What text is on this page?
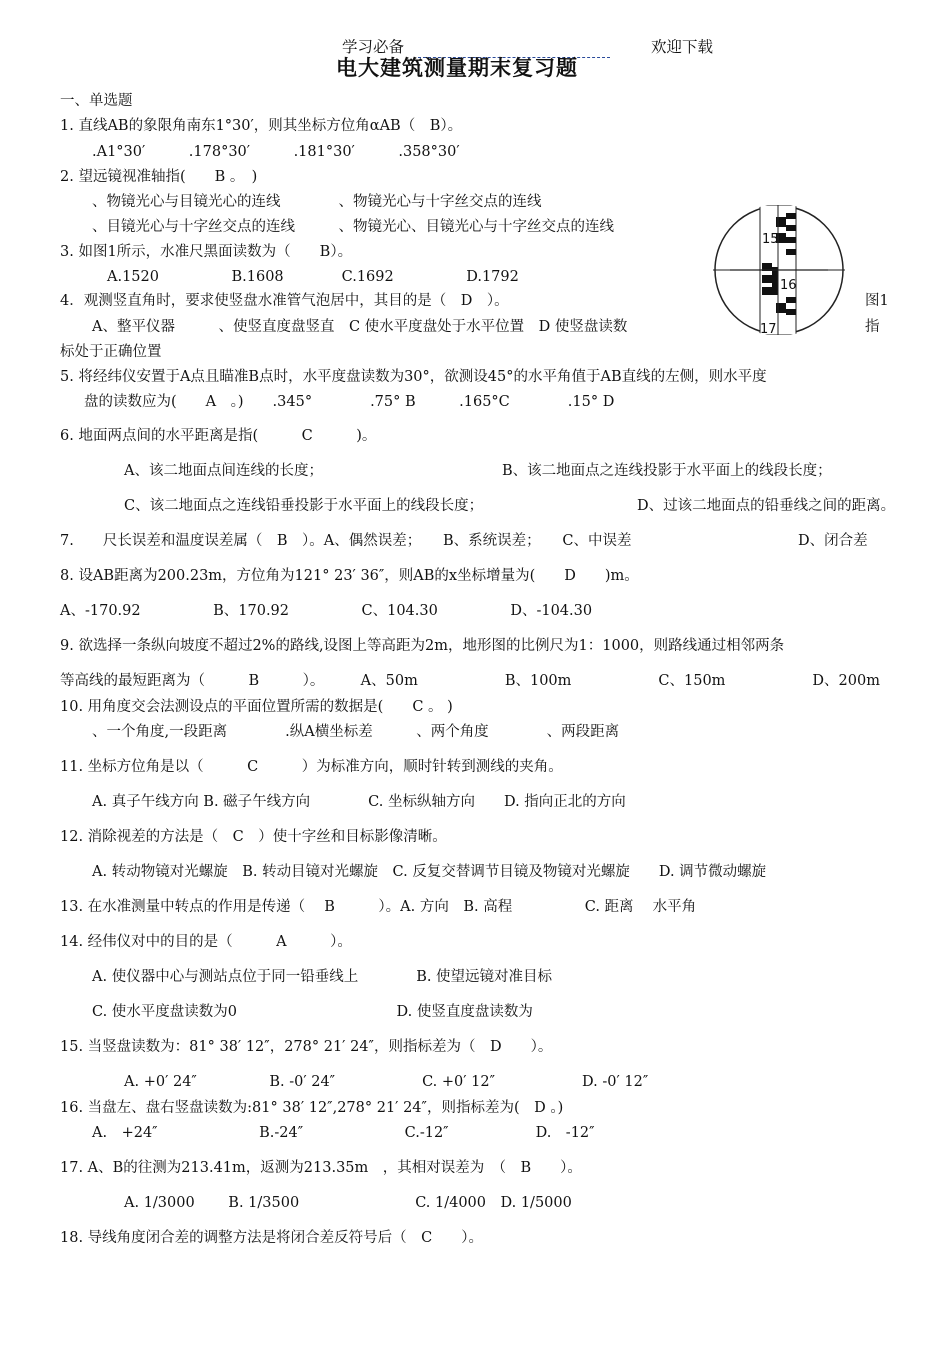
学习必备	欢迎下载
电大建筑测量期末复习题
一、单选题
1. 直线AB的象限角南东1°30′，则其坐标方位角αAB（　B）。
.A1°30′　　　.178°30′　　　.181°30′　　　.358°30′
2. 望远镜视准轴指(　　B 。　)
、物镜光心与目镜光心的连线　　　　、物镜光心与十字丝交点的连线
、目镜光心与十字丝交点的连线　　　、物镜光心、目镜光心与十字丝交点的连线
3. 如图1所示，水准尺黑面读数为（　　B）。
A.1520　　　　　B.1608　　　　C.1692　　　　　D.1792
4．观测竖直角时，要求使竖盘水准管气泡居中，其目的是（　D　）。	图1
A、整平仪器　　　、使竖直度盘竖直　C 使水平度盘处于水平位置　D 使竖盘读数	指
标处于正确位置
15
16
17
5. 将经纬仪安置于A点且瞄准B点时，水平度盘读数为30°，欲测设45°的水平角值于AB直线的左侧，则水平度
盘的读数应为(　　A　。)　　.345°　　　　.75° B　　　.165°C　　　　.15° D
6. 地面两点间的水平距离是指(　　　C　　　)。
A、该二地面点间连线的长度；	B、该二地面点之连线投影于水平面上的线段长度；
C、该二地面点之连线铅垂投影于水平面上的线段长度；	D、过该二地面点的铅垂线之间的距离。
7.　　尺长误差和温度误差属（　B　）。A、偶然误差；　　B、系统误差；　　C、中误差	D、闭合差
8. 设AB距离为200.23m，方位角为121° 23′ 36″，则AB的x坐标增量为(　　D　　)m。
A、-170.92　　　　　B、170.92　　　　　C、104.30　　　　　D、-104.30
9. 欲选择一条纵向坡度不超过2%的路线,设图上等高距为2m，地形图的比例尺为1：1000，则路线通过相邻两条
等高线的最短距离为（　　　B　　　）。　　　A、50m　　　　　　B、100m　　　　　　C、150m　　　　　　D、200m
10. 用角度交会法测设点的平面位置所需的数据是(　　C 。 )
、一个角度,一段距离　　　　.纵A横坐标差　　　、两个角度　　　　、两段距离
11. 坐标方位角是以（　　　C　　　）为标准方向，顺时针转到测线的夹角。
A. 真子午线方向 B. 磁子午线方向　　　　C. 坐标纵轴方向　　D. 指向正北的方向
12. 消除视差的方法是（　C　）使十字丝和目标影像清晰。
A. 转动物镜对光螺旋　B. 转动目镜对光螺旋　C. 反复交替调节目镜及物镜对光螺旋　　D. 调节微动螺旋
13. 在水准测量中转点的作用是传递（　 B　　　）。A. 方向　B. 高程　　　　　C. 距离　 水平角
14. 经伟仪对中的目的是（　　　A　　　）。
A. 使仪器中心与测站点位于同一铅垂线上　　　　B. 使望远镜对准目标
C. 使水平度盘读数为0　　　　　　　　　　　D. 使竖直度盘读数为
15. 当竖盘读数为：81° 38′ 12″，278° 21′ 24″，则指标差为（　D　　）。
A. +0′ 24″　　　　　B. -0′ 24″　　　　　　C. +0′ 12″　　　　　　D. -0′ 12″
16. 当盘左、盘右竖盘读数为:81° 38′ 12″,278° 21′ 24″，则指标差为(　D 。)
A.　+24″　　　　　　　B.-24″　　　　　　　C.-12″　　　　　　D.　-12″
17. A、B的往测为213.41m，返测为213.35m　，其相对误差为　（　B　　）。
A. 1/3000　　 B. 1/3500　　　　　　　　C. 1/4000　D. 1/5000
18. 导线角度闭合差的调整方法是将闭合差反符号后（　C　　）。
